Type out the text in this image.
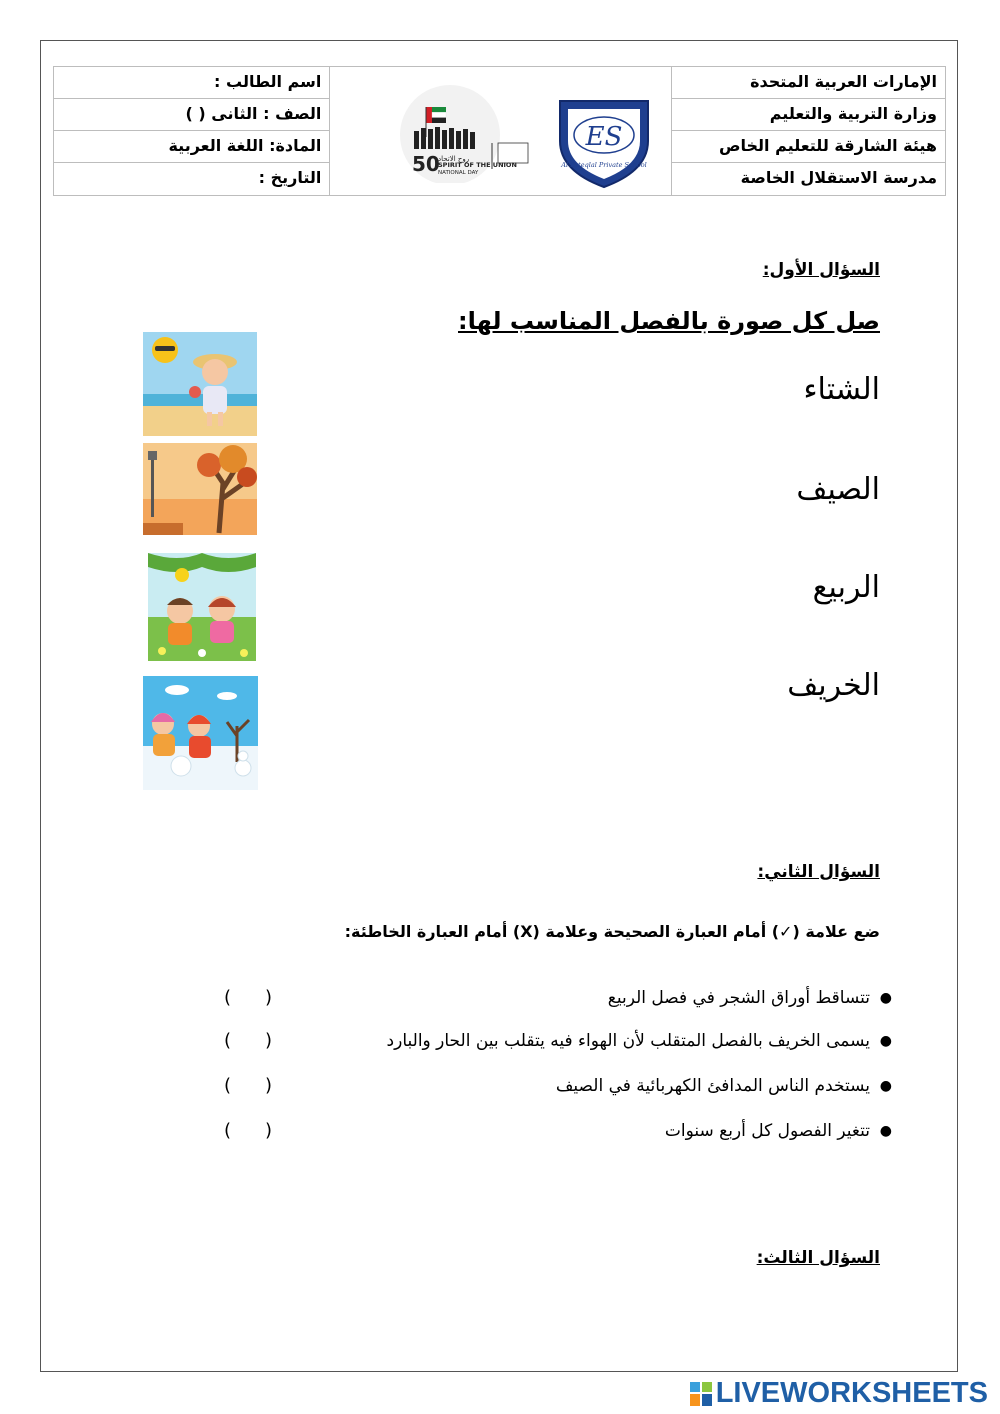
اسم الطالب :
الصف : الثانى ( )
المادة: اللغة العربية
التاريخ :
50
روح الاتحاد
SPIRIT OF THE UNION
NATIONAL DAY
ES
Al Esteqlal Private School
الإمارات العربية المتحدة
وزارة التربية والتعليم
هيئة الشارقة للتعليم الخاص
مدرسة الاستقلال الخاصة
السؤال الأول:
صل كل صورة بالفصل المناسب لها:
الشتاء
الصيف
الربيع
الخريف
السؤال الثاني:
ضع علامة (✓) أمام العبارة الصحيحة وعلامة (X) أمام العبارة الخاطئة:
●
تتساقط أوراق الشجر في فصل الربيع
●
يسمى الخريف بالفصل المتقلب لأن الهواء فيه يتقلب بين الحار والبارد
●
يستخدم الناس المدافئ الكهربائية في الصيف
●
تتغير الفصول كل أربع سنوات
( )
( )
( )
( )
السؤال الثالث:
LIVEWORKSHEETS
